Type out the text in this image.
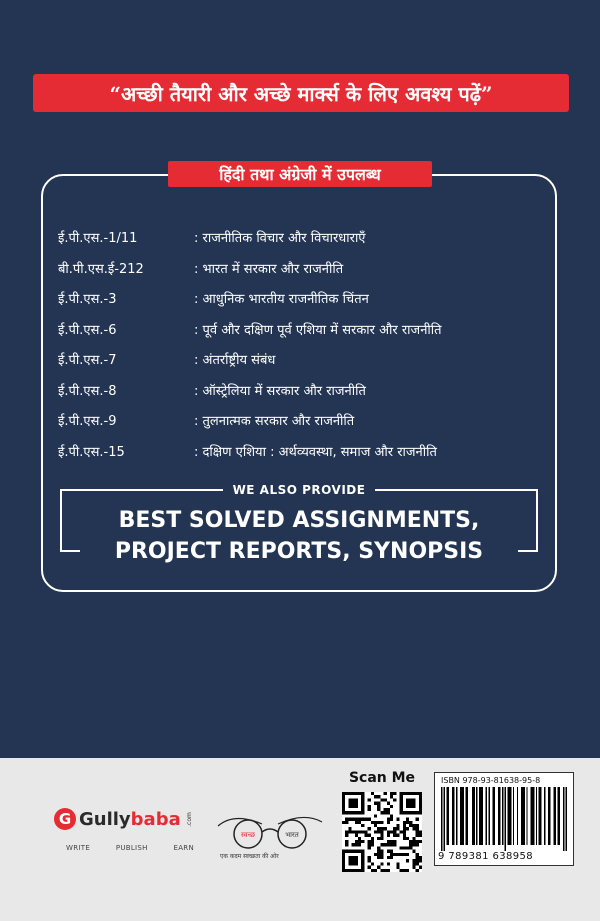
“अच्छी तैयारी और अच्छे मार्क्स के लिए अवश्य पढ़ें”
हिंदी तथा अंग्रेजी में उपलब्ध
ई.पी.एस.-1/11	: राजनीतिक विचार और विचारधाराएँ
बी.पी.एस.ई-212	: भारत में सरकार और राजनीति
ई.पी.एस.-3	: आधुनिक भारतीय राजनीतिक चिंतन
ई.पी.एस.-6	: पूर्व और दक्षिण पूर्व एशिया में सरकार और राजनीति
ई.पी.एस.-7	: अंतर्राष्ट्रीय संबंध
ई.पी.एस.-8	: ऑस्ट्रेलिया में सरकार और राजनीति
ई.पी.एस.-9	: तुलनात्मक सरकार और राजनीति
ई.पी.एस.-15	: दक्षिण एशिया : अर्थव्यवस्था, समाज और राजनीति
WE ALSO PROVIDE
BEST SOLVED ASSIGNMENTS,
PROJECT REPORTS, SYNOPSIS
G Gullybaba .com
WRITE	PUBLISH	EARN
स्वच्छ	भारत
एक कदम स्वच्छता की ओर
Scan Me	ISBN 978-93-81638-95-8
9 789381 638958
